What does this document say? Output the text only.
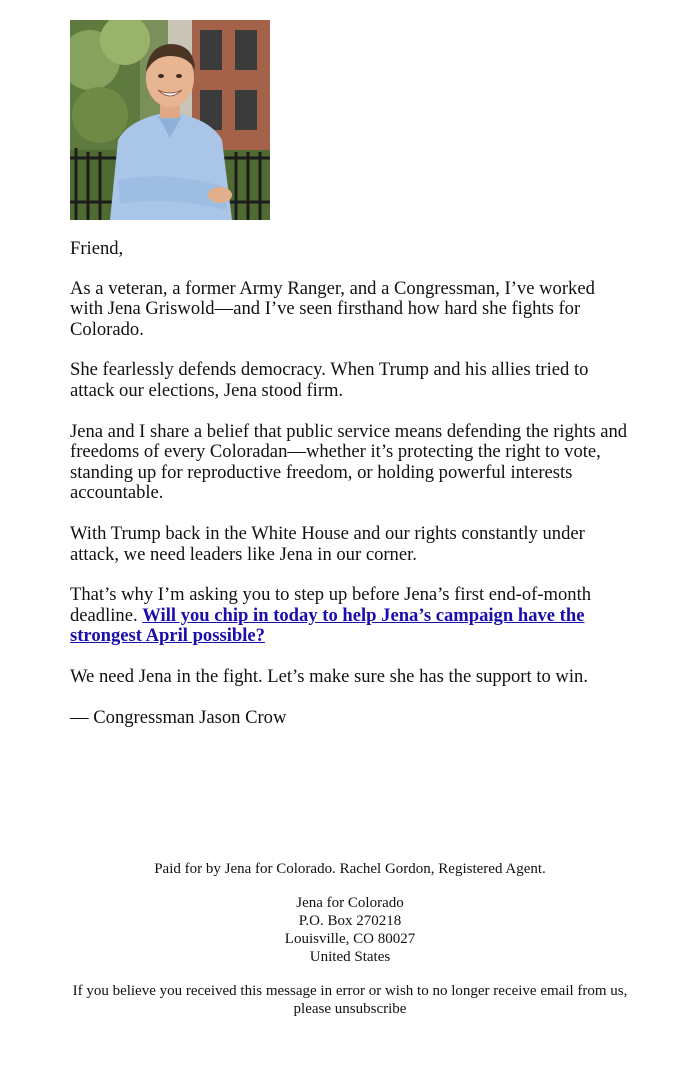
Friend,

As a veteran, a former Army Ranger, and a Congressman, I’ve worked with Jena Griswold—and I’ve seen firsthand how hard she fights for Colorado.

She fearlessly defends democracy. When Trump and his allies tried to attack our elections, Jena stood firm.

Jena and I share a belief that public service means defending the rights and freedoms of every Coloradan—whether it’s protecting the right to vote, standing up for reproductive freedom, or holding powerful interests accountable.

With Trump back in the White House and our rights constantly under attack, we need leaders like Jena in our corner.

That’s why I’m asking you to step up before Jena’s first end-of-month deadline. Will you chip in today to help Jena’s campaign have the strongest April possible?

We need Jena in the fight. Let’s make sure she has the support to win.

— Congressman Jason Crow

Paid for by Jena for Colorado. Rachel Gordon, Registered Agent.

Jena for Colorado
P.O. Box 270218
Louisville, CO 80027
United States

If you believe you received this message in error or wish to no longer receive email from us, please unsubscribe
